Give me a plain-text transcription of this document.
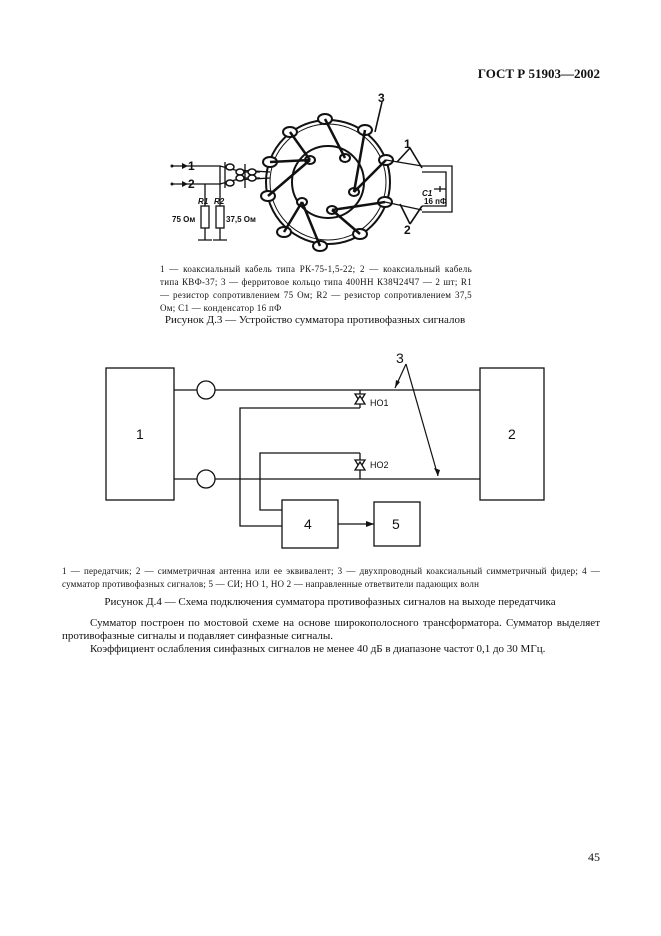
ГОСТ Р 51903—2002
3
1
2
1
2
R1 R2
C1
75 Ом	37,5 Ом
16 пФ
1 — коаксиальный кабель типа РК-75-1,5-22; 2 — коаксиальный кабель типа КВФ-37; 3 — ферритовое кольцо типа 400НН К38Ч24Ч7 — 2 шт; R1 — резистор сопротивлением 75 Ом; R2 — резистор сопротивлением 37,5 Ом; C1 — конденсатор 16 пФ
Рисунок Д.3 — Устройство сумматора противофазных сигналов
1	2
4	5
3
НО1
НО2
1 — передатчик; 2 — симметричная антенна или ее эквивалент; 3 — двухпроводный коаксиальный симметричный фидер; 4 — сумматор противофазных сигналов; 5 — СИ; НО 1, НО 2 — направленные ответвители падающих волн
Рисунок Д.4 — Схема подключения сумматора противофазных сигналов на выходе передатчика
Сумматор построен по мостовой схеме на основе широкополосного трансформатора. Сумматор выделяет противофазные сигналы и подавляет синфазные сигналы.
Коэффициент ослабления синфазных сигналов не менее 40 дБ в диапазоне частот 0,1 до 30 МГц.
45
